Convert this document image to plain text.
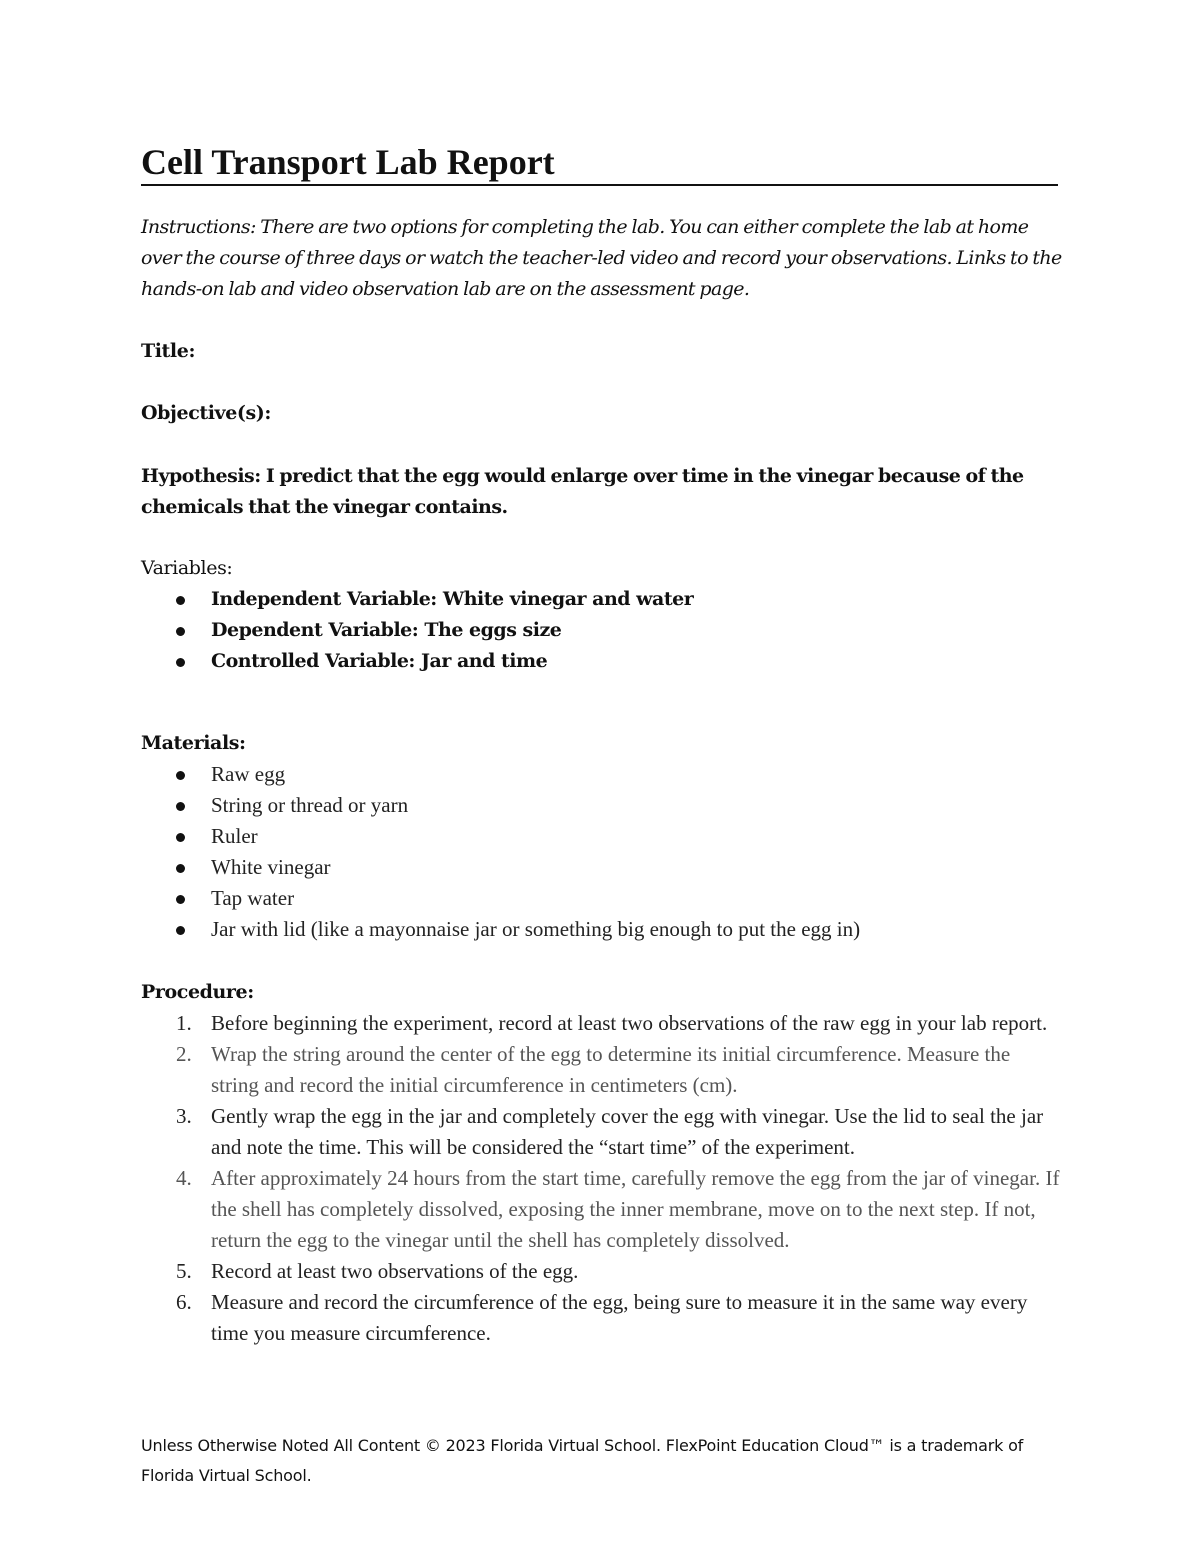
Cell Transport Lab Report
Instructions: There are two options for completing the lab. You can either complete the lab at home over the course of three days or watch the teacher-led video and record your observations. Links to the hands-on lab and video observation lab are on the assessment page.
Title:
Objective(s):
Hypothesis: I predict that the egg would enlarge over time in the vinegar because of the chemicals that the vinegar contains.
Variables:
Independent Variable: White vinegar and water
Dependent Variable: The eggs size
Controlled Variable: Jar and time
Materials:
Raw egg
String or thread or yarn
Ruler
White vinegar
Tap water
Jar with lid (like a mayonnaise jar or something big enough to put the egg in)
Procedure:
1. Before beginning the experiment, record at least two observations of the raw egg in your lab report.
2. Wrap the string around the center of the egg to determine its initial circumference. Measure the string and record the initial circumference in centimeters (cm).
3. Gently wrap the egg in the jar and completely cover the egg with vinegar. Use the lid to seal the jar and note the time. This will be considered the “start time” of the experiment.
4. After approximately 24 hours from the start time, carefully remove the egg from the jar of vinegar. If the shell has completely dissolved, exposing the inner membrane, move on to the next step. If not, return the egg to the vinegar until the shell has completely dissolved.
5. Record at least two observations of the egg.
6. Measure and record the circumference of the egg, being sure to measure it in the same way every time you measure circumference.
Unless Otherwise Noted All Content © 2023 Florida Virtual School. FlexPoint Education Cloud™ is a trademark of Florida Virtual School.
